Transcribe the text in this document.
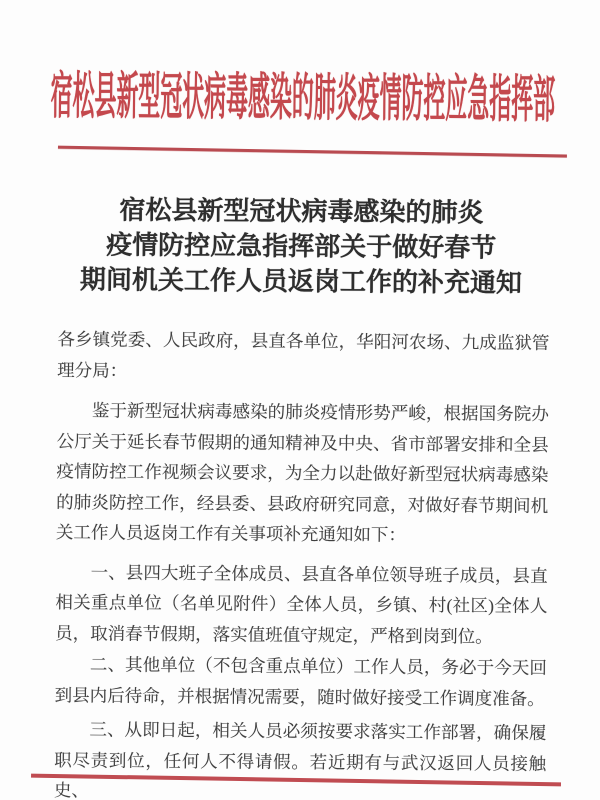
宿松县新型冠状病毒感染的肺炎疫情防控应急指挥部
宿松县新型冠状病毒感染的肺炎
疫情防控应急指挥部关于做好春节
期间机关工作人员返岗工作的补充通知

各乡镇党委、人民政府，县直各单位，华阳河农场、九成监狱管理分局：

鉴于新型冠状病毒感染的肺炎疫情形势严峻，根据国务院办公厅关于延长春节假期的通知精神及中央、省市部署安排和全县疫情防控工作视频会议要求，为全力以赴做好新型冠状病毒感染的肺炎防控工作，经县委、县政府研究同意，对做好春节期间机关工作人员返岗工作有关事项补充通知如下：

一、县四大班子全体成员、县直各单位领导班子成员，县直相关重点单位（名单见附件）全体人员，乡镇、村(社区)全体人员，取消春节假期，落实值班值守规定，严格到岗到位。

二、其他单位（不包含重点单位）工作人员，务必于今天回到县内后待命，并根据情况需要，随时做好接受工作调度准备。

三、从即日起，相关人员必须按要求落实工作部署，确保履职尽责到位，任何人不得请假。若近期有与武汉返回人员接触史、
